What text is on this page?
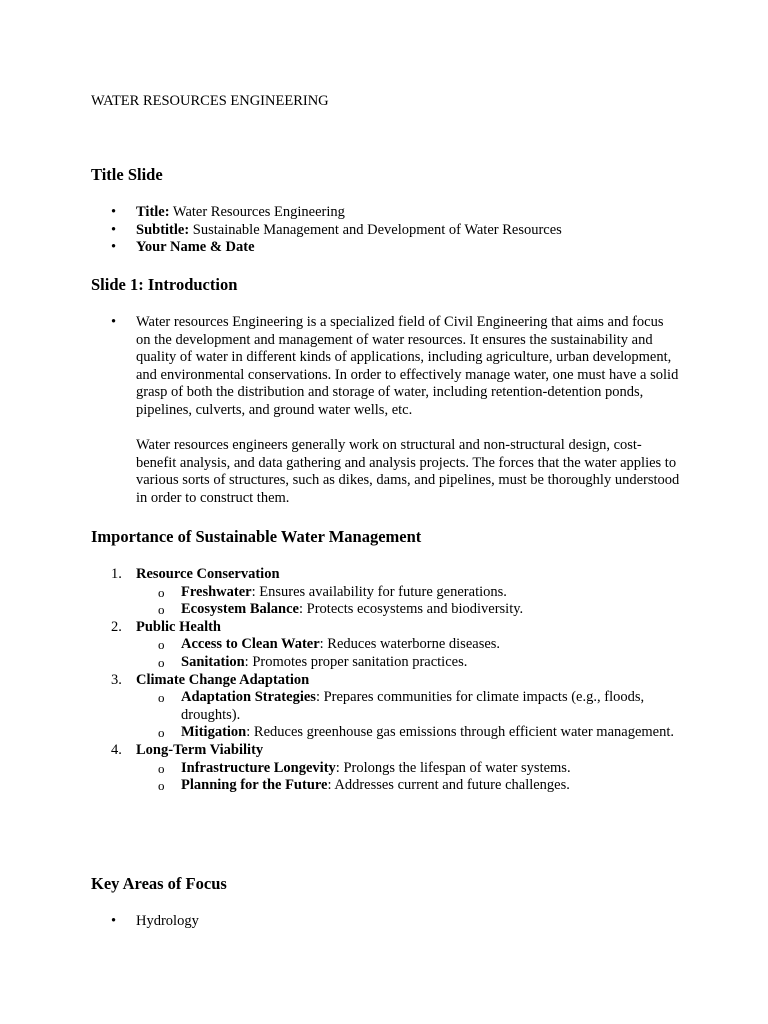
WATER RESOURCES ENGINEERING
Title Slide
• Title: Water Resources Engineering
• Subtitle: Sustainable Management and Development of Water Resources
• Your Name & Date
Slide 1: Introduction
• Water resources Engineering is a specialized field of Civil Engineering that aims and focus on the development and management of water resources. It ensures the sustainability and quality of water in different kinds of applications, including agriculture, urban development, and environmental conservations. In order to effectively manage water, one must have a solid grasp of both the distribution and storage of water, including retention-detention ponds, pipelines, culverts, and ground water wells, etc.
Water resources engineers generally work on structural and non-structural design, cost-benefit analysis, and data gathering and analysis projects. The forces that the water applies to various sorts of structures, such as dikes, dams, and pipelines, must be thoroughly understood in order to construct them.
Importance of Sustainable Water Management
1. Resource Conservation
o Freshwater: Ensures availability for future generations.
o Ecosystem Balance: Protects ecosystems and biodiversity.
2. Public Health
o Access to Clean Water: Reduces waterborne diseases.
o Sanitation: Promotes proper sanitation practices.
3. Climate Change Adaptation
o Adaptation Strategies: Prepares communities for climate impacts (e.g., floods, droughts).
o Mitigation: Reduces greenhouse gas emissions through efficient water management.
4. Long-Term Viability
o Infrastructure Longevity: Prolongs the lifespan of water systems.
o Planning for the Future: Addresses current and future challenges.
Key Areas of Focus
• Hydrology
